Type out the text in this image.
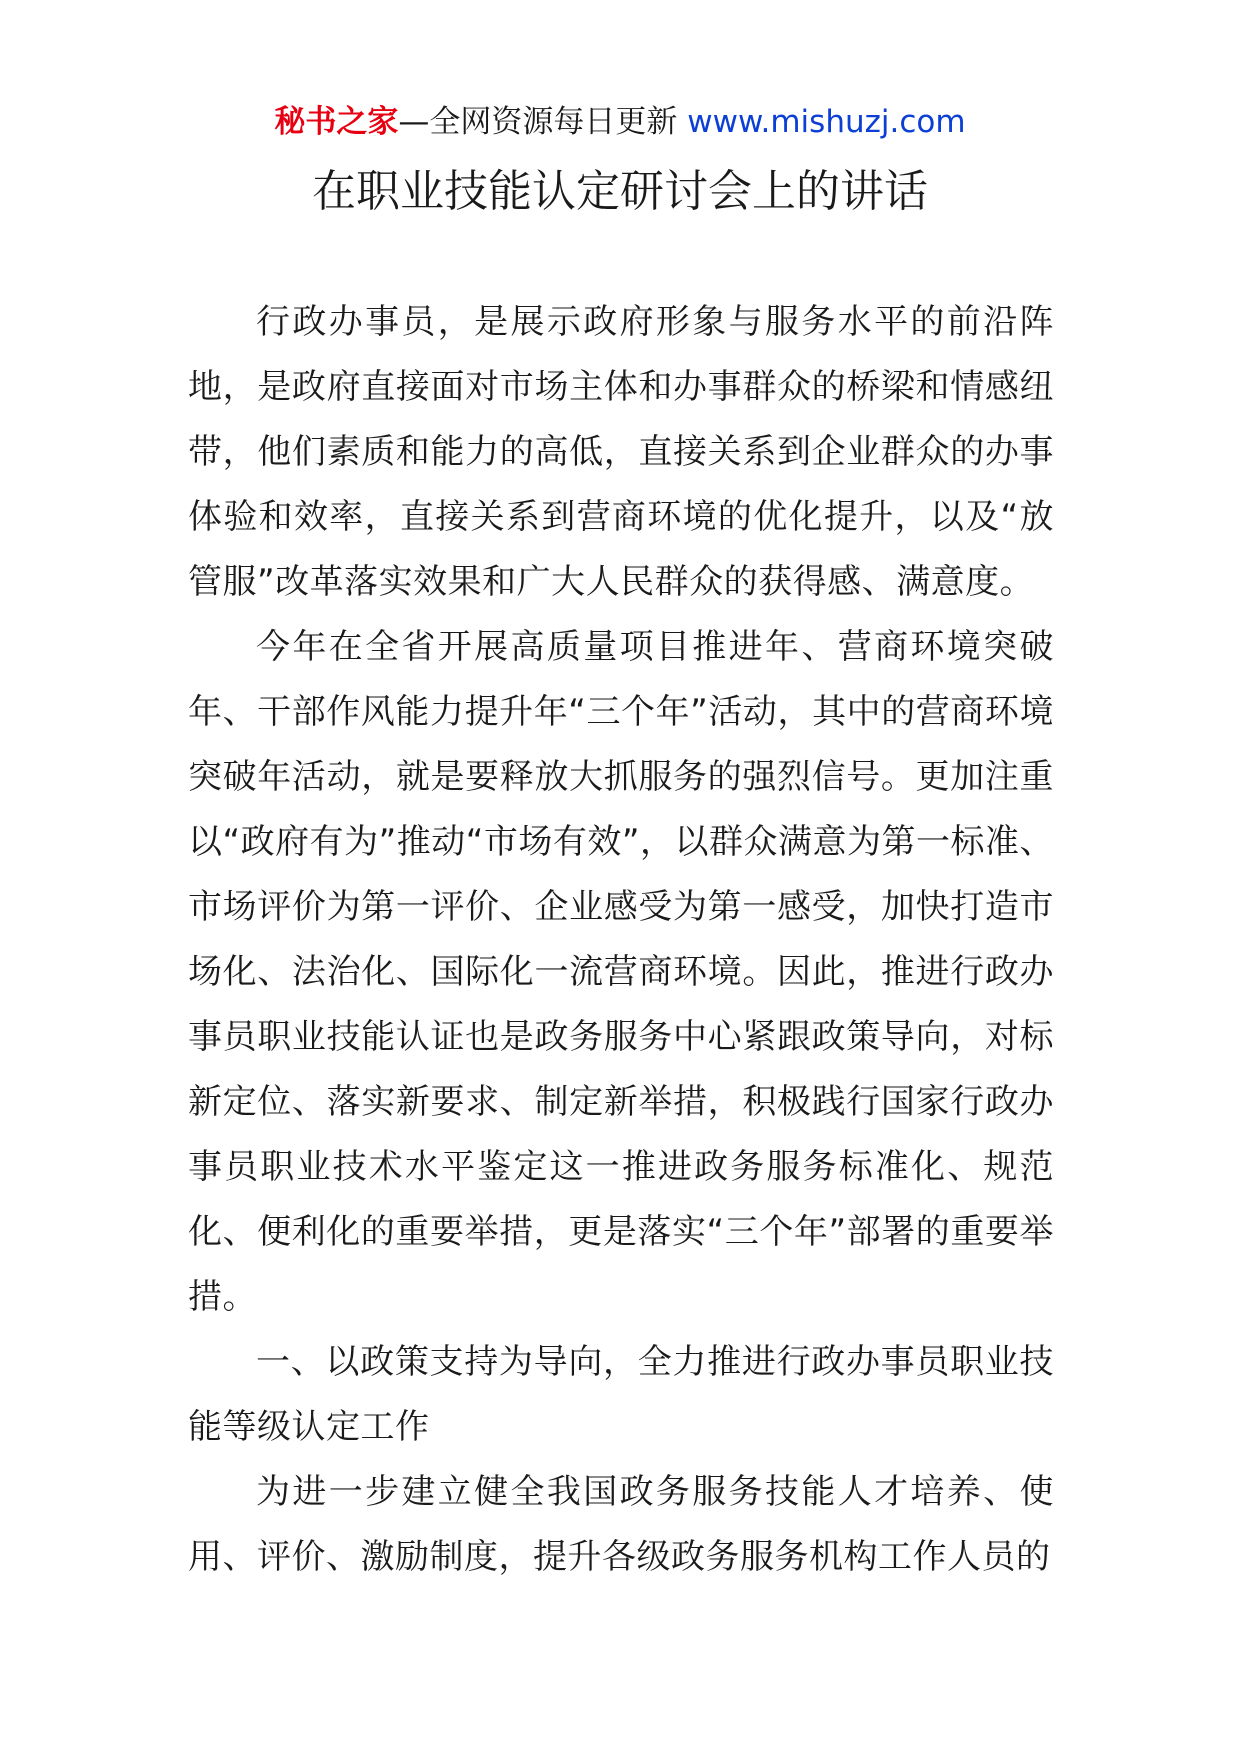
秘书之家—全网资源每日更新 www.mishuzj.com
在职业技能认定研讨会上的讲话

行政办事员，是展示政府形象与服务水平的前沿阵地，是政府直接面对市场主体和办事群众的桥梁和情感纽带，他们素质和能力的高低，直接关系到企业群众的办事体验和效率，直接关系到营商环境的优化提升，以及“放管服”改革落实效果和广大人民群众的获得感、满意度。

今年在全省开展高质量项目推进年、营商环境突破年、干部作风能力提升年“三个年”活动，其中的营商环境突破年活动，就是要释放大抓服务的强烈信号。更加注重以“政府有为”推动“市场有效”，以群众满意为第一标准、市场评价为第一评价、企业感受为第一感受，加快打造市场化、法治化、国际化一流营商环境。因此，推进行政办事员职业技能认证也是政务服务中心紧跟政策导向，对标新定位、落实新要求、制定新举措，积极践行国家行政办事员职业技术水平鉴定这一推进政务服务标准化、规范化、便利化的重要举措，更是落实“三个年”部署的重要举措。

一、以政策支持为导向，全力推进行政办事员职业技能等级认定工作

为进一步建立健全我国政务服务技能人才培养、使用、评价、激励制度，提升各级政务服务机构工作人员的
